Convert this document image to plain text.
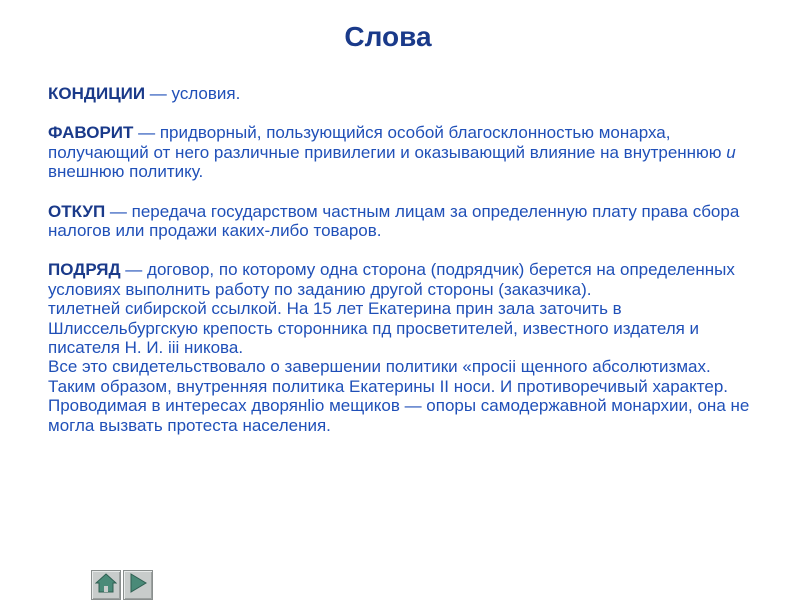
Слова

КОНДИЦИИ — условия.

ФАВОРИТ — придворный, пользующийся особой благосклонностью монарха, получающий от него различные привилегии и оказывающий влияние на внутреннюю и внешнюю политику.

ОТКУП — передача государством частным лицам за определенную плату права сбора налогов или продажи каких-либо товаров.

ПОДРЯД — договор, по которому одна сторона (подрядчик) берется на определенных условиях выполнить работу по заданию другой стороны (заказчика).
тилетней сибирской ссылкой. На 15 лет Екатерина прин зала заточить в Шлиссельбургскую крепость сторонника пд просветителей, известного издателя и писателя Н. И. iii никова.
Все это свидетельствовало о завершении политики «просiі щенного абсолютизмах.
Таким образом, внутренняя политика Екатерины II носи. И противоречивый характер. Проводимая в интересах дворянlіо мещиков — опоры самодержавной монархии, она не могла вызвать протеста населения.
